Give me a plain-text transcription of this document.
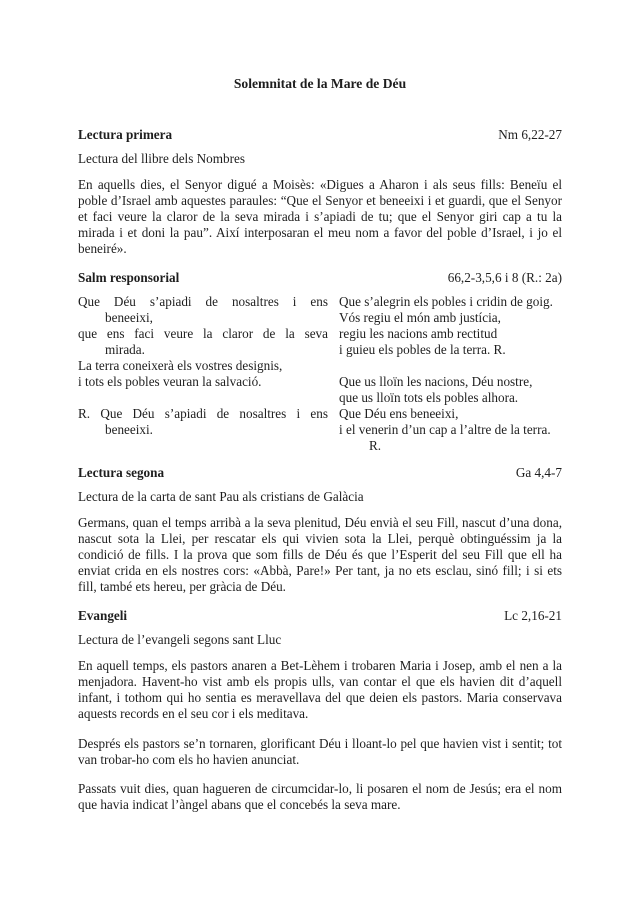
Solemnitat de la Mare de Déu
Lectura primera	Nm 6,22-27
Lectura del llibre dels Nombres

En aquells dies, el Senyor digué a Moisès: «Digues a Aharon i als seus fills: Beneïu el poble d’Israel amb aquestes paraules: “Que el Senyor et beneeixi i et guardi, que el Senyor et faci veure la claror de la seva mirada i s’apiadi de tu; que el Senyor giri cap a tu la mirada i et doni la pau”. Així interposaran el meu nom a favor del poble d’Israel, i jo el beneiré».

Salm responsorial	66,2-3,5,6 i 8 (R.: 2a)
Que Déu s’apiadi de nosaltres i ens
beneeixi,
que ens faci veure la claror de la seva
mirada.
La terra coneixerà els vostres designis,
i tots els pobles veuran la salvació.
R. Que Déu s’apiadi de nosaltres i ens
beneeixi.
Que s’alegrin els pobles i cridin de goig.
Vós regiu el món amb justícia,
regiu les nacions amb rectitud
i guieu els pobles de la terra. R.
Que us lloïn les nacions, Déu nostre,
que us lloïn tots els pobles alhora.
Que Déu ens beneeixi,
i el venerin d’un cap a l’altre de la terra.
R.
Lectura segona	Ga 4,4-7
Lectura de la carta de sant Pau als cristians de Galàcia

Germans, quan el temps arribà a la seva plenitud, Déu envià el seu Fill, nascut d’una dona, nascut sota la Llei, per rescatar els qui vivien sota la Llei, perquè obtinguéssim ja la condició de fills. I la prova que som fills de Déu és que l’Esperit del seu Fill que ell ha enviat crida en els nostres cors: «Abbà, Pare!» Per tant, ja no ets esclau, sinó fill; i si ets fill, també ets hereu, per gràcia de Déu.

Evangeli	Lc 2,16-21
Lectura de l’evangeli segons sant Lluc

En aquell temps, els pastors anaren a Bet-Lèhem i trobaren Maria i Josep, amb el nen a la menjadora. Havent-ho vist amb els propis ulls, van contar el que els havien dit d’aquell infant, i tothom qui ho sentia es meravellava del que deien els pastors. Maria conservava aquests records en el seu cor i els meditava.

Després els pastors se’n tornaren, glorificant Déu i lloant-lo pel que havien vist i sentit; tot van trobar-ho com els ho havien anunciat.

Passats vuit dies, quan hagueren de circumcidar-lo, li posaren el nom de Jesús; era el nom que havia indicat l’àngel abans que el concebés la seva mare.
